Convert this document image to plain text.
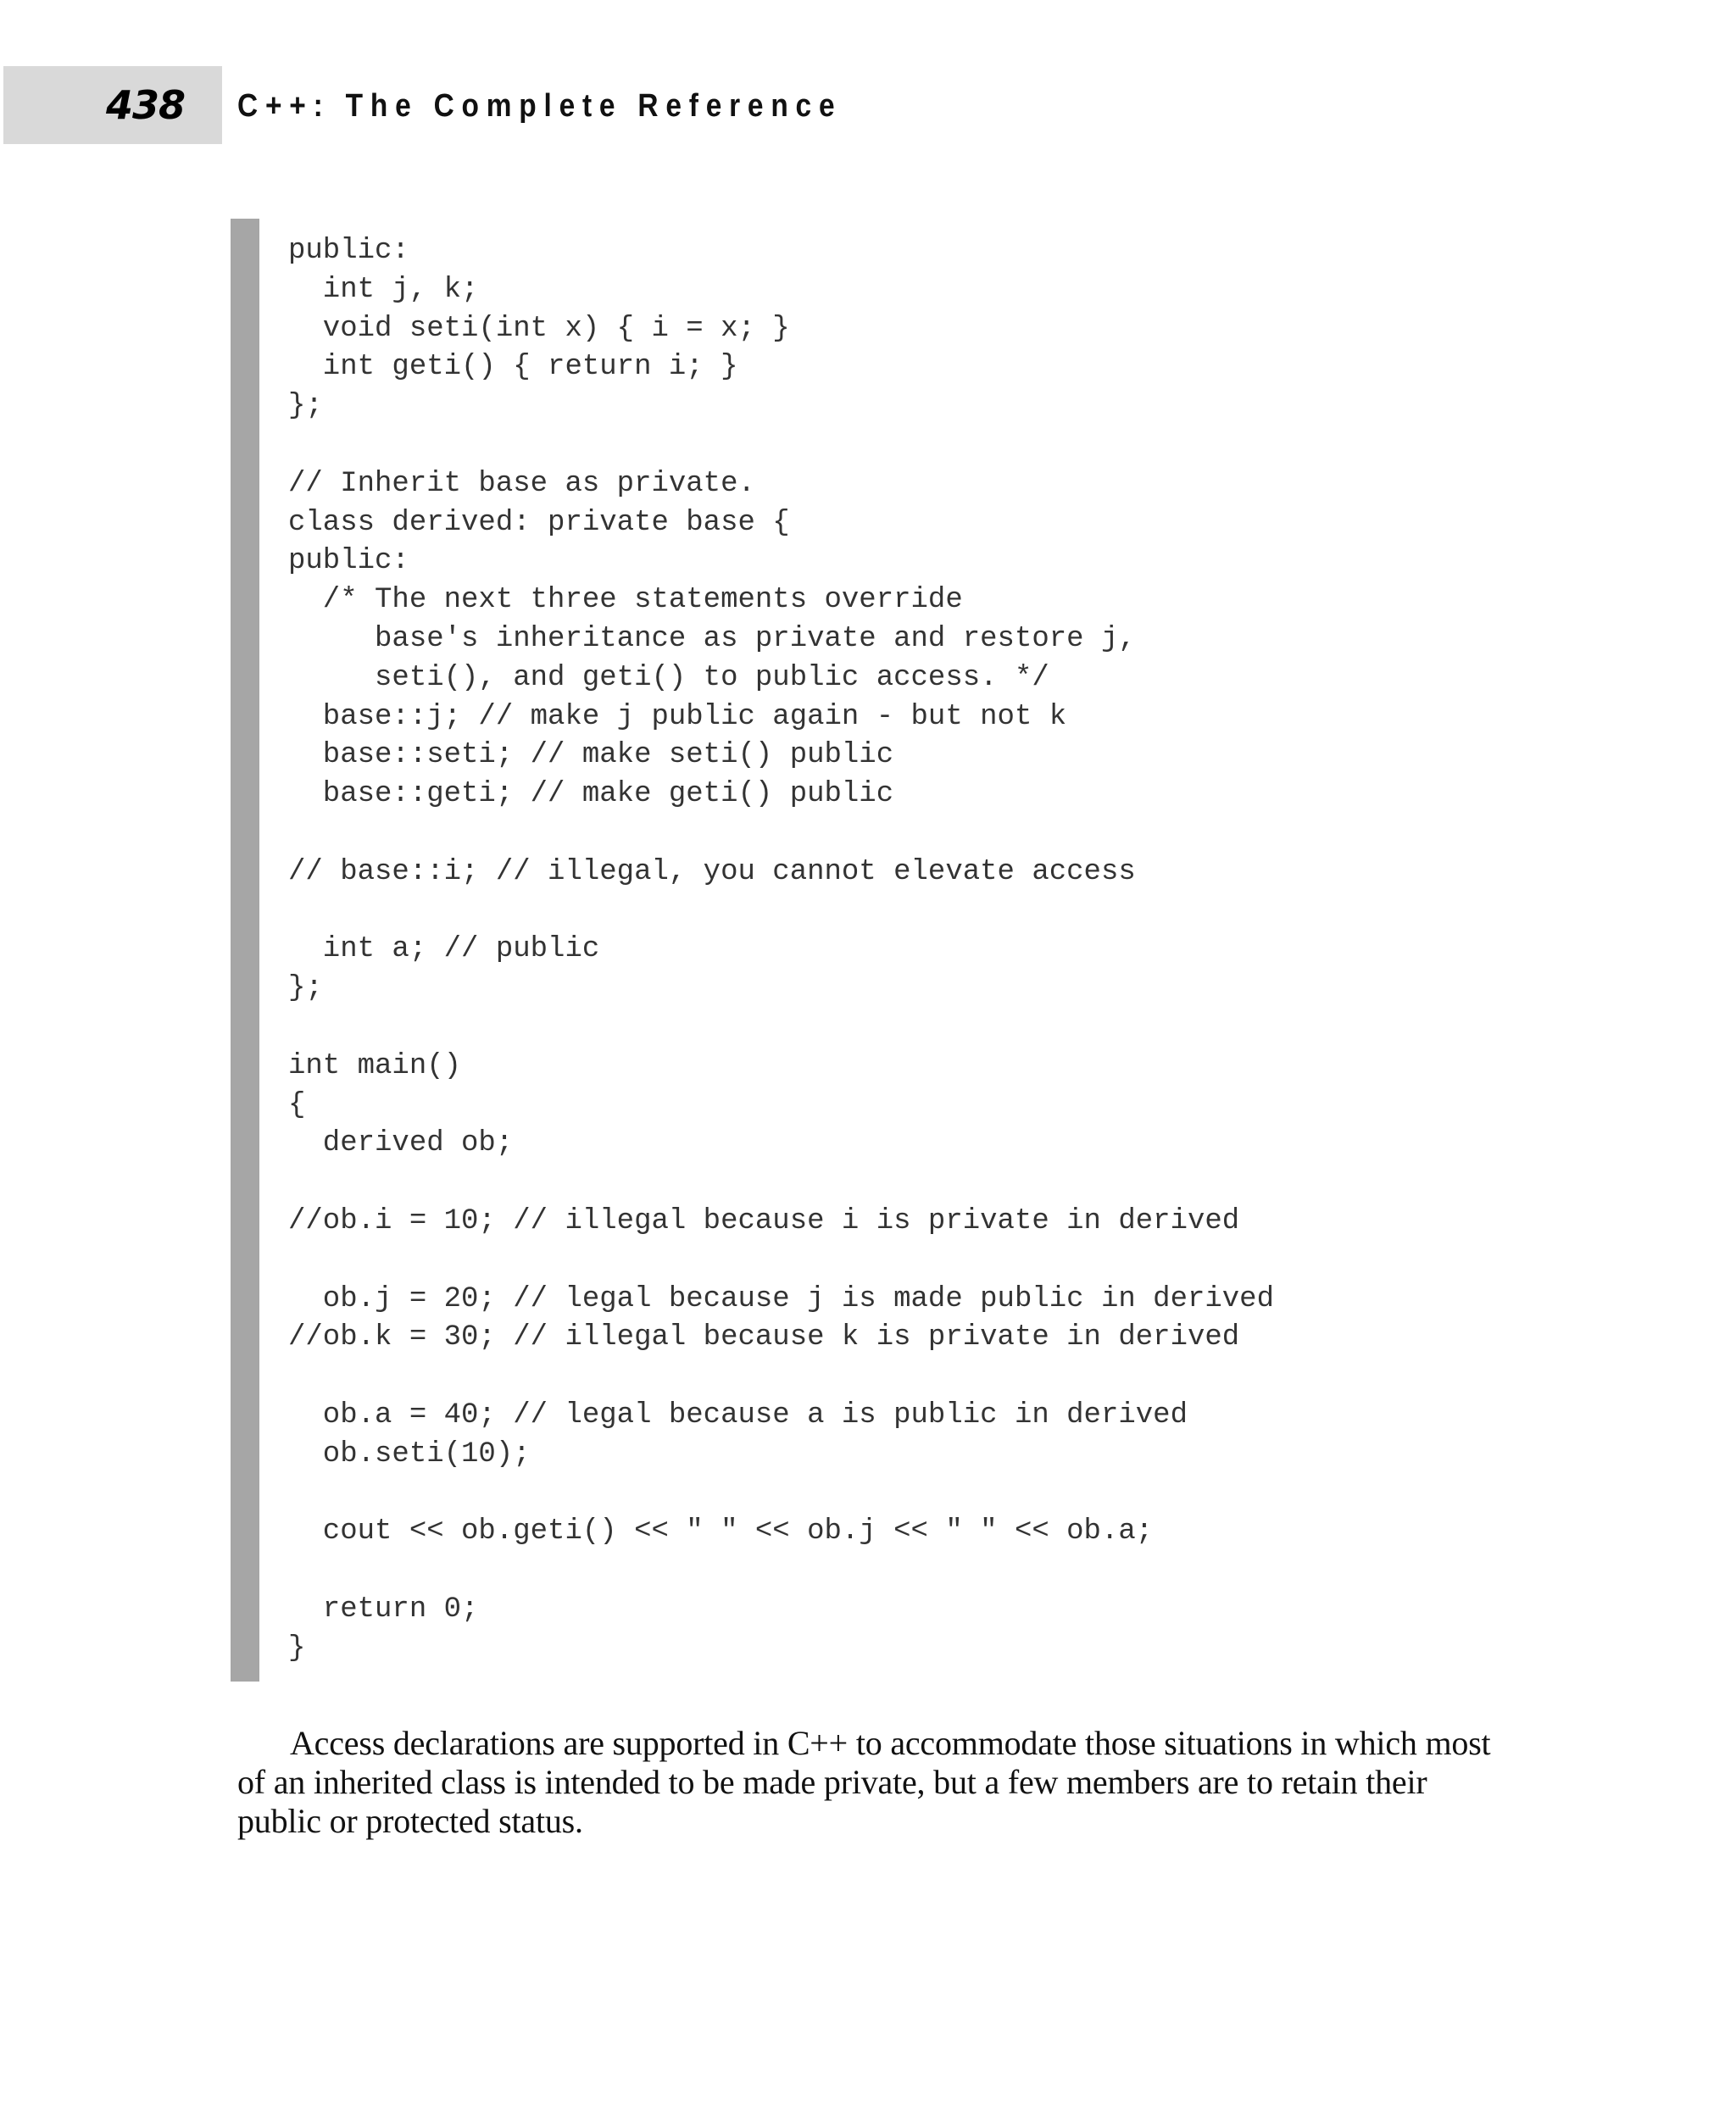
438 C++: The Complete Reference
public:
int j, k;
void seti(int x) { i = x; }
int geti() { return i; }
};
// Inherit base as private.
class derived: private base {
public:
/* The next three statements override
base's inheritance as private and restore j,
seti(), and geti() to public access. */
base::j; // make j public again - but not k
base::seti; // make seti() public
base::geti; // make geti() public
// base::i; // illegal, you cannot elevate access
int a; // public
};
int main()
{
derived ob;
//ob.i = 10; // illegal because i is private in derived
ob.j = 20; // legal because j is made public in derived
//ob.k = 30; // illegal because k is private in derived
ob.a = 40; // legal because a is public in derived
ob.seti(10);
cout << ob.geti() << " " << ob.j << " " << ob.a;
return 0;
}

Access declarations are supported in C++ to accommodate those situations in which most of an inherited class is intended to be made private, but a few members are to retain their public or protected status.
